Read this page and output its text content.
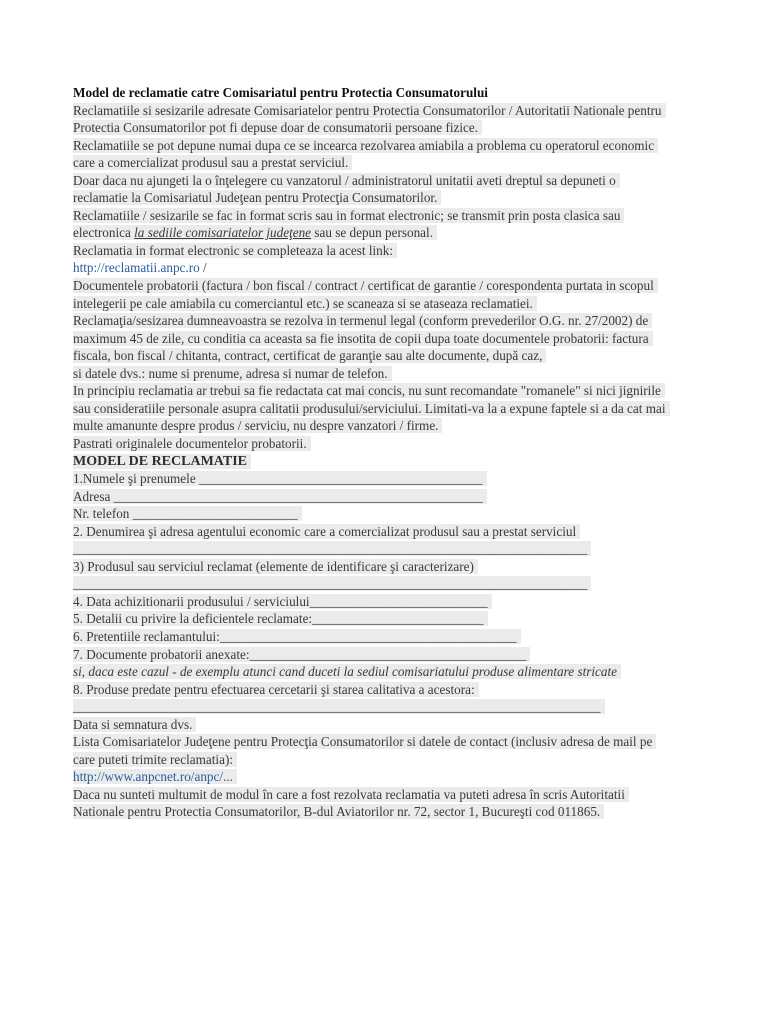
Model de reclamatie catre Comisariatul pentru Protectia Consumatorului
Reclamatiile si sesizarile adresate Comisariatelor pentru Protectia Consumatorilor / Autoritatii Nationale pentru
Protectia Consumatorilor pot fi depuse doar de consumatorii persoane fizice.
Reclamatiile se pot depune numai dupa ce se incearca rezolvarea amiabila a problema cu operatorul economic
care a comercializat produsul sau a prestat serviciul.
Doar daca nu ajungeti la o înţelegere cu vanzatorul / administratorul unitatii aveti dreptul sa depuneti o
reclamatie la Comisariatul Judeţean pentru Protecţia Consumatorilor.
Reclamatiile / sesizarile se fac in format scris sau in format electronic; se transmit prin posta clasica sau
electronica la sediile comisariatelor judeţene sau se depun personal.
Reclamatia in format electronic se completeaza la acest link:
http://reclamatii.anpc.ro /
Documentele probatorii (factura / bon fiscal / contract / certificat de garantie / corespondenta purtata in scopul
intelegerii pe cale amiabila cu comerciantul etc.) se scaneaza si se ataseaza reclamatiei.
Reclamaţia/sesizarea dumneavoastra se rezolva in termenul legal (conform prevederilor O.G. nr. 27/2002) de
maximum 45 de zile, cu conditia ca aceasta sa fie insotita de copii dupa toate documentele probatorii: factura
fiscala, bon fiscal / chitanta, contract, certificat de garanţie sau alte documente, după caz,
si datele dvs.: nume si prenume, adresa si numar de telefon.
In principiu reclamatia ar trebui sa fie redactata cat mai concis, nu sunt recomandate "romanele" si nici jignirile
sau consideratiile personale asupra calitatii produsului/serviciului. Limitati-va la a expune faptele si a da cat mai
multe amanunte despre produs / serviciu, nu despre vanzatori / firme.
Pastrati originalele documentelor probatorii.
MODEL DE RECLAMATIE
1.Numele şi prenumele ___________________________________________
Adresa ________________________________________________________
Nr. telefon _________________________
2. Denumirea şi adresa agentului economic care a comercializat produsul sau a prestat serviciul
______________________________________________________________________________
3) Produsul sau serviciul reclamat (elemente de identificare şi caracterizare)
______________________________________________________________________________
4. Data achizitionarii produsului / serviciului___________________________
5. Detalii cu privire la deficientele reclamate:__________________________
6. Pretentiile reclamantului:_____________________________________________
7. Documente probatorii anexate:__________________________________________
si, daca este cazul - de exemplu atunci cand duceti la sediul comisariatului produse alimentare stricate
8. Produse predate pentru efectuarea cercetarii şi starea calitativa a acestora:
________________________________________________________________________________
Data si semnatura dvs.
Lista Comisariatelor Judeţene pentru Protecţia Consumatorilor si datele de contact (inclusiv adresa de mail pe
care puteti trimite reclamatia):
http://www.anpcnet.ro/anpc/...
Daca nu sunteti multumit de modul în care a fost rezolvata reclamatia va puteti adresa în scris Autoritatii
Nationale pentru Protectia Consumatorilor, B-dul Aviatorilor nr. 72, sector 1, Bucureşti cod 011865.
